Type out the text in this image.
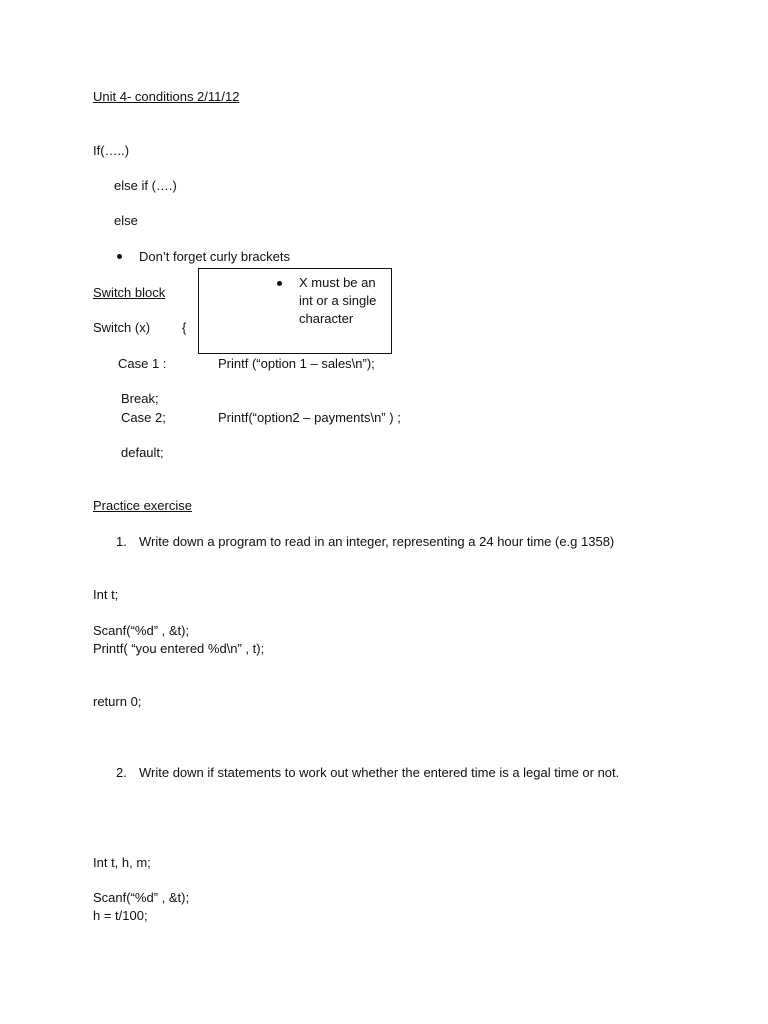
Unit 4- conditions 2/11/12
If(…..)
else if (….)
else
Don’t forget curly brackets
Switch block
X must be an int or a single character
Switch (x) {
Case 1 :	Printf (“option 1 – sales\n”);
Break;
Case 2;	Printf(“option2 – payments\n” ) ;
default;
Practice exercise
1. Write down a program to read in an integer, representing a 24 hour time (e.g 1358)
Int t;
Scanf(“%d” , &t);
Printf( “you entered %d\n” , t);
return 0;
2. Write down if statements to work out whether the entered time is a legal time or not.
Int t, h, m;
Scanf(“%d” , &t);
h = t/100;
